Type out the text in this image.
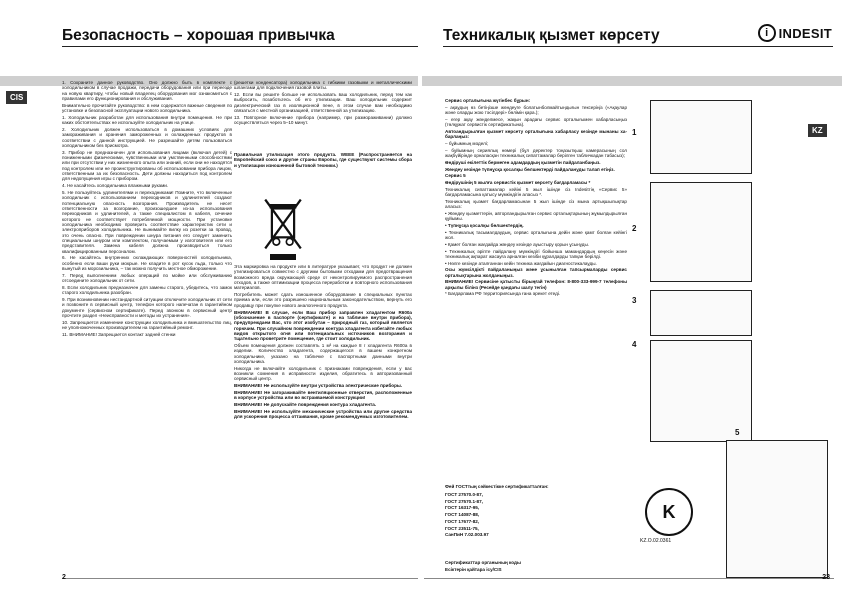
Безопасность – хорошая привычка
CIS

1. Сохраните данное руководство. Оно должно быть в комплекте с холодильником в случае продажи, передачи оборудования или при переезде на новую квартиру, чтобы новый владелец оборудования мог ознакомиться с правилами его функционирования и обслуживания.

Внимательно прочитайте руководство: в нем содержатся важные сведения по установке и безопасной эксплуатации нового холодильника.

1. Холодильник разработан для использования внутри помещения. Не при каких обстоятельствах не используйте холодильник на улице.

2. Холодильник должен использоваться в домашних условиях для замораживания и хранения замороженных и охлажденных продуктов в соответствии с данной инструкцией. Не разрешайте детям пользоваться холодильником без присмотра.

3. Прибор не предназначен для использования лицами (включая детей) с пониженными физическими, чувственными или умственными способностями или при отсутствии у них жизненного опыта или знаний, если они не находятся под контролем или не проинструктированы об использовании прибора лицом, ответственным за их безопасность. Дети должны находиться под контролем для недопущения игры с прибором.

4. Не касайтесь холодильника влажными руками.

5. Не пользуйтесь удлинителями и переходниками! Помните, что включенные холодильник с использованием переходников и удлинителей создают потенциальную опасность возгорания. Производитель не несет ответственности за возгорание, произошедшее из-за использования переходников и удлинителей, а также специалистом в кабеля, сечение которого не соответствует потребляемой мощности. При установке холодильника необходимо проверить соответствие характеристик сети и электроприборов холодильника. Не вынимайте вилку из розетки за провод, это очень опасно. При повреждении шнура питания его следует заменить специальным шнуром или комплектом, получаемым у изготовителя или его представителя. Замена кабеля должна производиться только квалифицированным персоналом.

6. Не касайтесь внутренних охлаждающих поверхностей холодильника, особенно если ваши руки мокрые. Не кладите в рот кусок льда, только что вынутый из морозильника, – так можно получить местное обморожение.

7. Перед выполнением любых операций по мойке или обслуживанию отсоедините холодильник от сети.

8. Если холодильник предназначен для замены старого, убедитесь, что замок старого холодильника разобран.

9. При возникновении нестандартной ситуации отключите холодильник от сети и позвоните в сервисный центр, телефон которого напечатан в гарантийном документе (сервисном сертификате). Перед звонком в сервисный центр прочтите раздел «Неисправности и методы их устранения».

10. Запрещается изменение конструкции холодильника и вмешательство лиц, не уполномоченных производителем на гарантийный ремонт.

11. ВНИМАНИЕ! Запрещается контакт задней стенки

(решетки конденсатора) холодильника с гибкими газовыми и металлическими шлангами для подключения газовой плиты.

12. Если вы решите больше не использовать ваш холодильник, перед тем как выбросить, позаботьтесь об его утилизации. Ваш холодильник содержит диэлектрический газ в изоляционной пене, в этом случае вам необходимо связаться с местной организацией, ответственной за утилизацию.

13. Повторное включение прибора (например, при размораживании) должно осуществляться через 5–10 минут.

Правильная утилизация этого продукта. WEEE (Распространяется на Европейский союз и другие страны Европы, где существуют системы сбора и утилизации изношенной бытовой техники.)

Эта маркировка на продукте или в литературе указывает, что продукт не должен утилизироваться совместно с другими бытовыми отходами для предотвращения возможного вреда окружающей среде от неконтролируемого распространения отходов, а также оптимизации процесса переработки и повторного использования материалов.

Потребитель может сдать изношенное оборудование в специальных пунктах приема или, если это разрешено национальным законодательством, вернуть его продавцу при покупке нового аналогичного продукта.

ВНИМАНИЕ! В случае, если Ваш прибор заправлен хладагентом R600a (обозначение в паспорте (сертификате) и на табличке внутри прибора), предупреждаем Вас, что этот изобутан – природный газ, который является горючим. При случайном повреждении контура хладагента избегайте любых видов открытого огня или потенциальных источников возгорания и тщательно проветрите помещение, где стоит холодильник.

Объем помещения должен составлять 1 м³ на каждые 8 г хладагента R600a в изделии. Количество хладагента, содержащегося в вашем конкретном холодильнике, указано на табличке с паспортными данными внутри холодильника.

Никогда не включайте холодильник с признаками повреждения, если у вас возникли сомнения в исправности изделия, обратитесь в авторизованный сервисный центр.

ВНИМАНИЕ! Не используйте внутри устройства электрические приборы.

ВНИМАНИЕ! Не загораживайте вентиляционные отверстия, расположенные в корпусе устройства или во встраиваемой конструкции!

ВНИМАНИЕ! Не допускайте повреждения контура хладагента.

ВНИМАНИЕ! Не используйте механические устройства или другие средства для ускорения процесса оттаивания, кроме рекомендуемых изготовителем.

2
Техникалық қызмет көрсету	i INDESIT
KZ

Сервис орталығына жүгінбес бұрын:

– ақаудың өз бетіңізше жөндеуге болатынболмайтындығын тексеріңіз («Ақаулар және оларды жою тәсілдері» бөлімін қара.);

– егер ақау жөнделмесе, жақын арадағы сервис орталығымен хабарласыңыз (төлқұжат сервистік сертификатына).

Автоандырылған қызмет көрсету орталығына хабарласу кезінде мынаны ха-барлаңыз:

– бұйымның моделі;

– бұйымның сериялық нөмері (бұл деректер тоңазытқыш камерасының сол жақбүйірінде орналасқан техникалық сипаттамалар берілген табличкадан табасыз);

Өндіруші екілеттік бермеген адамдардың қызметін пайдаланбаңыз.

Жөндеу кезінде түпнұсқа қосалқы бөлшектерді пайдалануды талап етіңіз.

Сервис 5

Өндірушінің 5 жылға сервистік қызмет көрсету бағдарламасы *

Техникалық сипаттамалар кейіні 5 жыл ішінде сіз Indesitтің «Сервис 5» бағдарламасына қатысу мүмкіндігін аласыз *.

Техникалық қызмет бағдарламасынан 5 жыл ішінде сіз мына артықшылықтар аласыз:

• Жөндеу қызметтерін, авторландырылған сервис орталықтарының жұмылдырылған құйымы.

• Түпнұсқа қосалқы бөлшектердің.

• Техникалық тасымалдаудың, сервис орталығына дейін және қамт болған кейінгі жол.

• Қамет болған жағдайда жөндеу кезінде ауыстыру қорын ұсынуды.

• Техникалық әріпте пайдалану мүмкіндігі бойынша мамандардың кеңесін және техникалық ақпарат жасауға арналған кезіби құралдарды тапқан берілді.

• Нөлге кезінде аталғаннан кейін техника жағдайын диагностикалауды.

Осы жүмсілдікті пайдаланыңыз және ұсынылған тапсырмаларды сервис орталықтарына жолданыңыз.

ВНИМАНИЕ! Сервисіне қатысты бірыңғай телефон: 8-800-333-999-7 телефоны арқылы білінз (Ресейде қандағы шалу тегін)

* Бағдарлама РФ территориясында ғана әрекет етеді.

1
2
3
4
5
Фей ГОСТтың сәйкестікке сертификатталған:

ГОСТ 27570.0-87,

ГОСТ 27570.1-87,

ГОСТ 16317-95,

ГОСТ 14087-88,

ГОСТ 17677-82,

ГОСТ 23511-75,

СанПиН 7.02.003.97

Сертификаттар органының коды

Есіктерін қайтара ісу/CIS

K
KZ.O.02.0361
23
